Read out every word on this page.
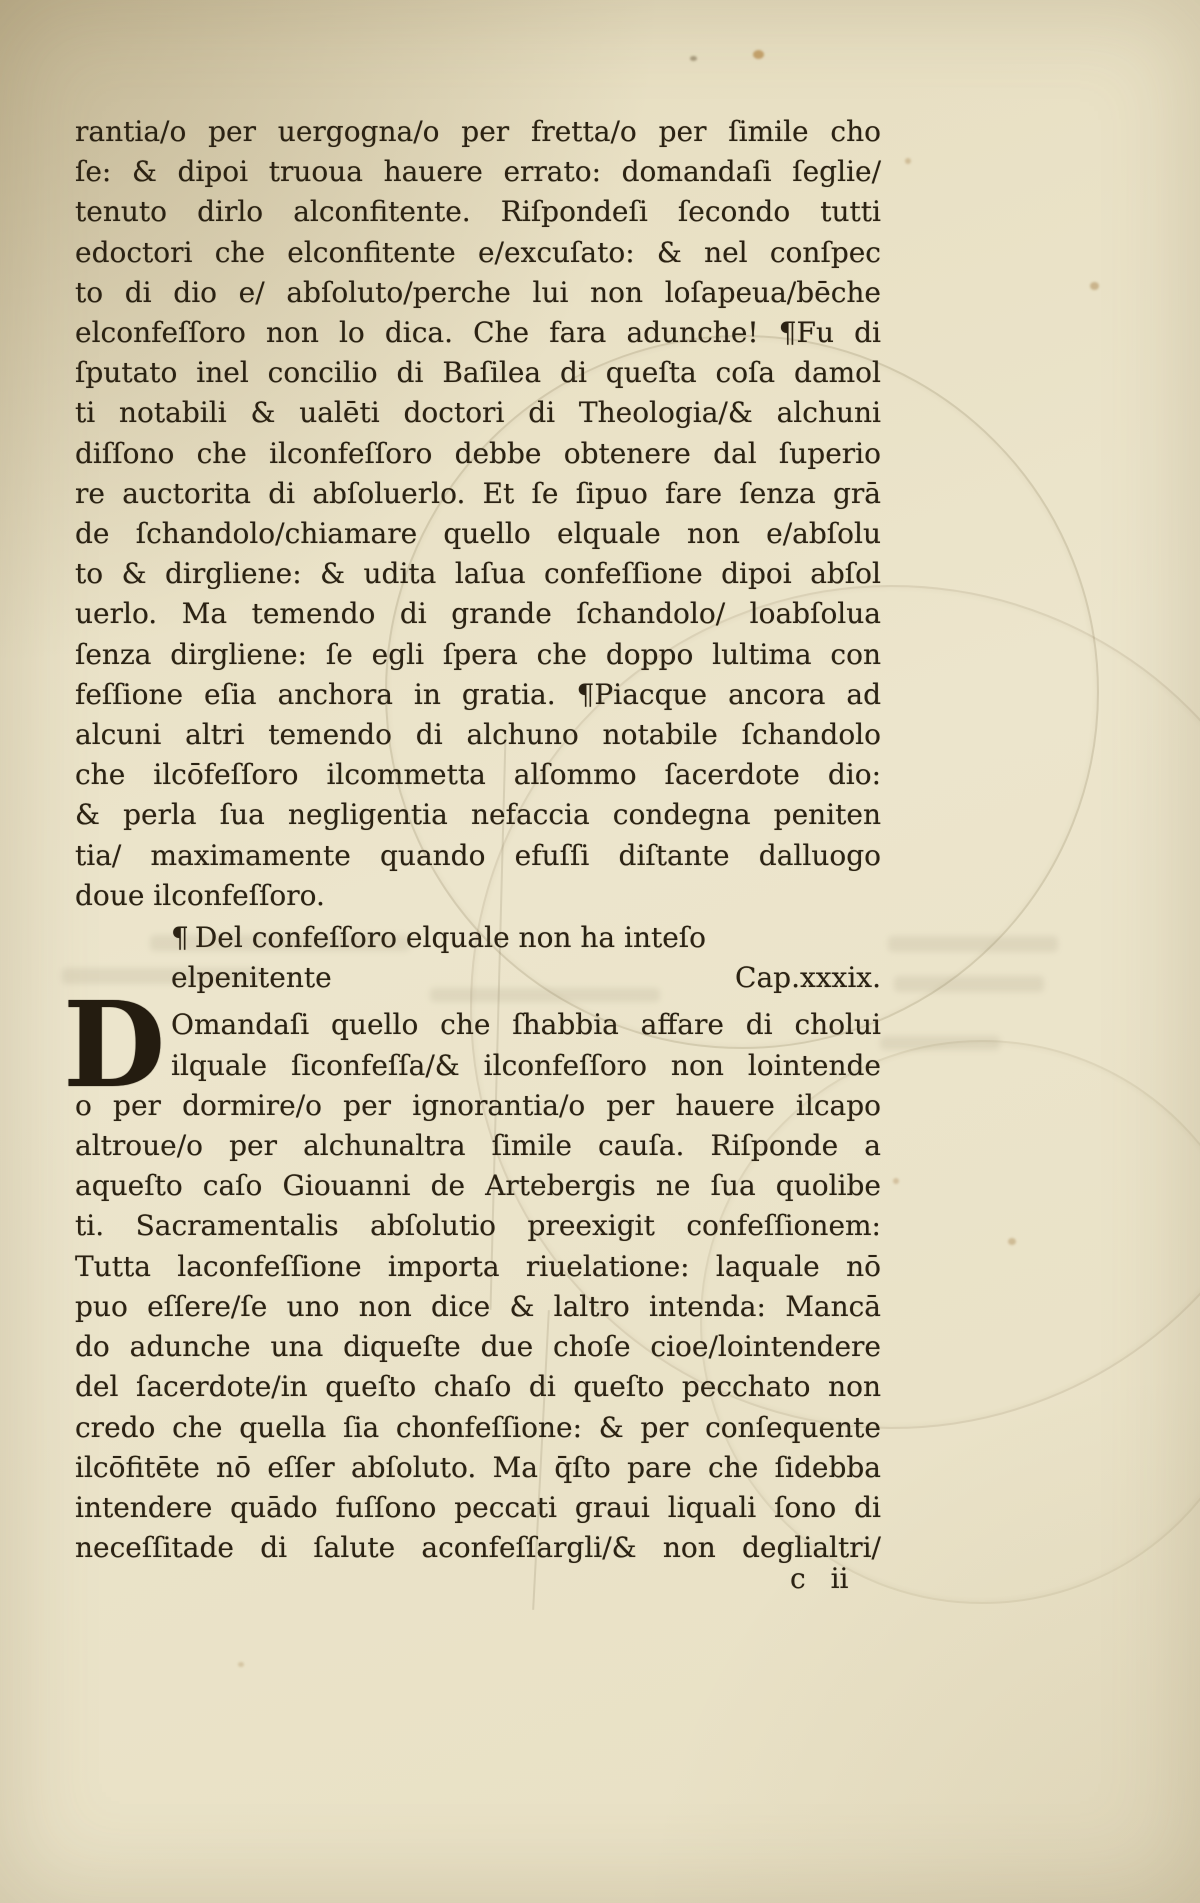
rantia/o per uergogna/o per fretta/o per ſimile cho
ſe: & dipoi truoua hauere errato: domandaſi ſeglie/
tenuto dirlo alconfitente. Riſpondeſi ſecondo tutti
edoctori che elconfitente e/excuſato: & nel conſpec
to di dio e/ abſoluto/perche lui non loſapeua/bēche
elconfeſſoro non lo dica. Che fara adunche! ¶Fu di
ſputato inel concilio di Baſilea di queſta coſa damol
ti notabili & ualēti doctori di Theologia/& alchuni
diſſono che ilconfeſſoro debbe obtenere dal ſuperio
re auctorita di abſoluerlo. Et ſe ſipuo fare ſenza grā
de ſchandolo/chiamare quello elquale non e/abſolu
to & dirgliene: & udita laſua confeſſione dipoi abſol
uerlo. Ma temendo di grande ſchandolo/ loabſolua
ſenza dirgliene: ſe egli ſpera che doppo lultima con
feſſione eſia anchora in gratia. ¶Piacque ancora ad
alcuni altri temendo di alchuno notabile ſchandolo
che ilcōfeſſoro ilcommetta alſommo ſacerdote dio:
& perla ſua negligentia nefaccia condegna peniten
tia/ maximamente quando efuſſi diſtante dalluogo
doue ilconfeſſoro.
¶ Del confeſſoro elquale non ha inteſo
elpenitente	Cap.xxxix.
D Omandaſi quello che ſhabbia affare di cholui
ilquale ſiconfeſſa/& ilconfeſſoro non lointende
o per dormire/o per ignorantia/o per hauere ilcapo
altroue/o per alchunaltra ſimile cauſa. Riſponde a
aqueſto caſo Giouanni de Artebergis ne ſua quolibe
ti. Sacramentalis abſolutio preexigit confeſſionem:
Tutta laconfeſſione importa riuelatione: laquale nō
puo eſſere/ſe uno non dice & laltro intenda: Mancā
do adunche una diqueſte due choſe cioe/lointendere
del ſacerdote/in queſto chaſo di queſto pecchato non
credo che quella ſia chonfeſſione: & per conſequente
ilcōfitēte nō eſſer abſoluto. Ma q̄ſto pare che ſidebba
intendere quādo fuſſono peccati graui liquali ſono di
neceſſitade di ſalute aconfeſſargli/& non deglialtri/
c ii
